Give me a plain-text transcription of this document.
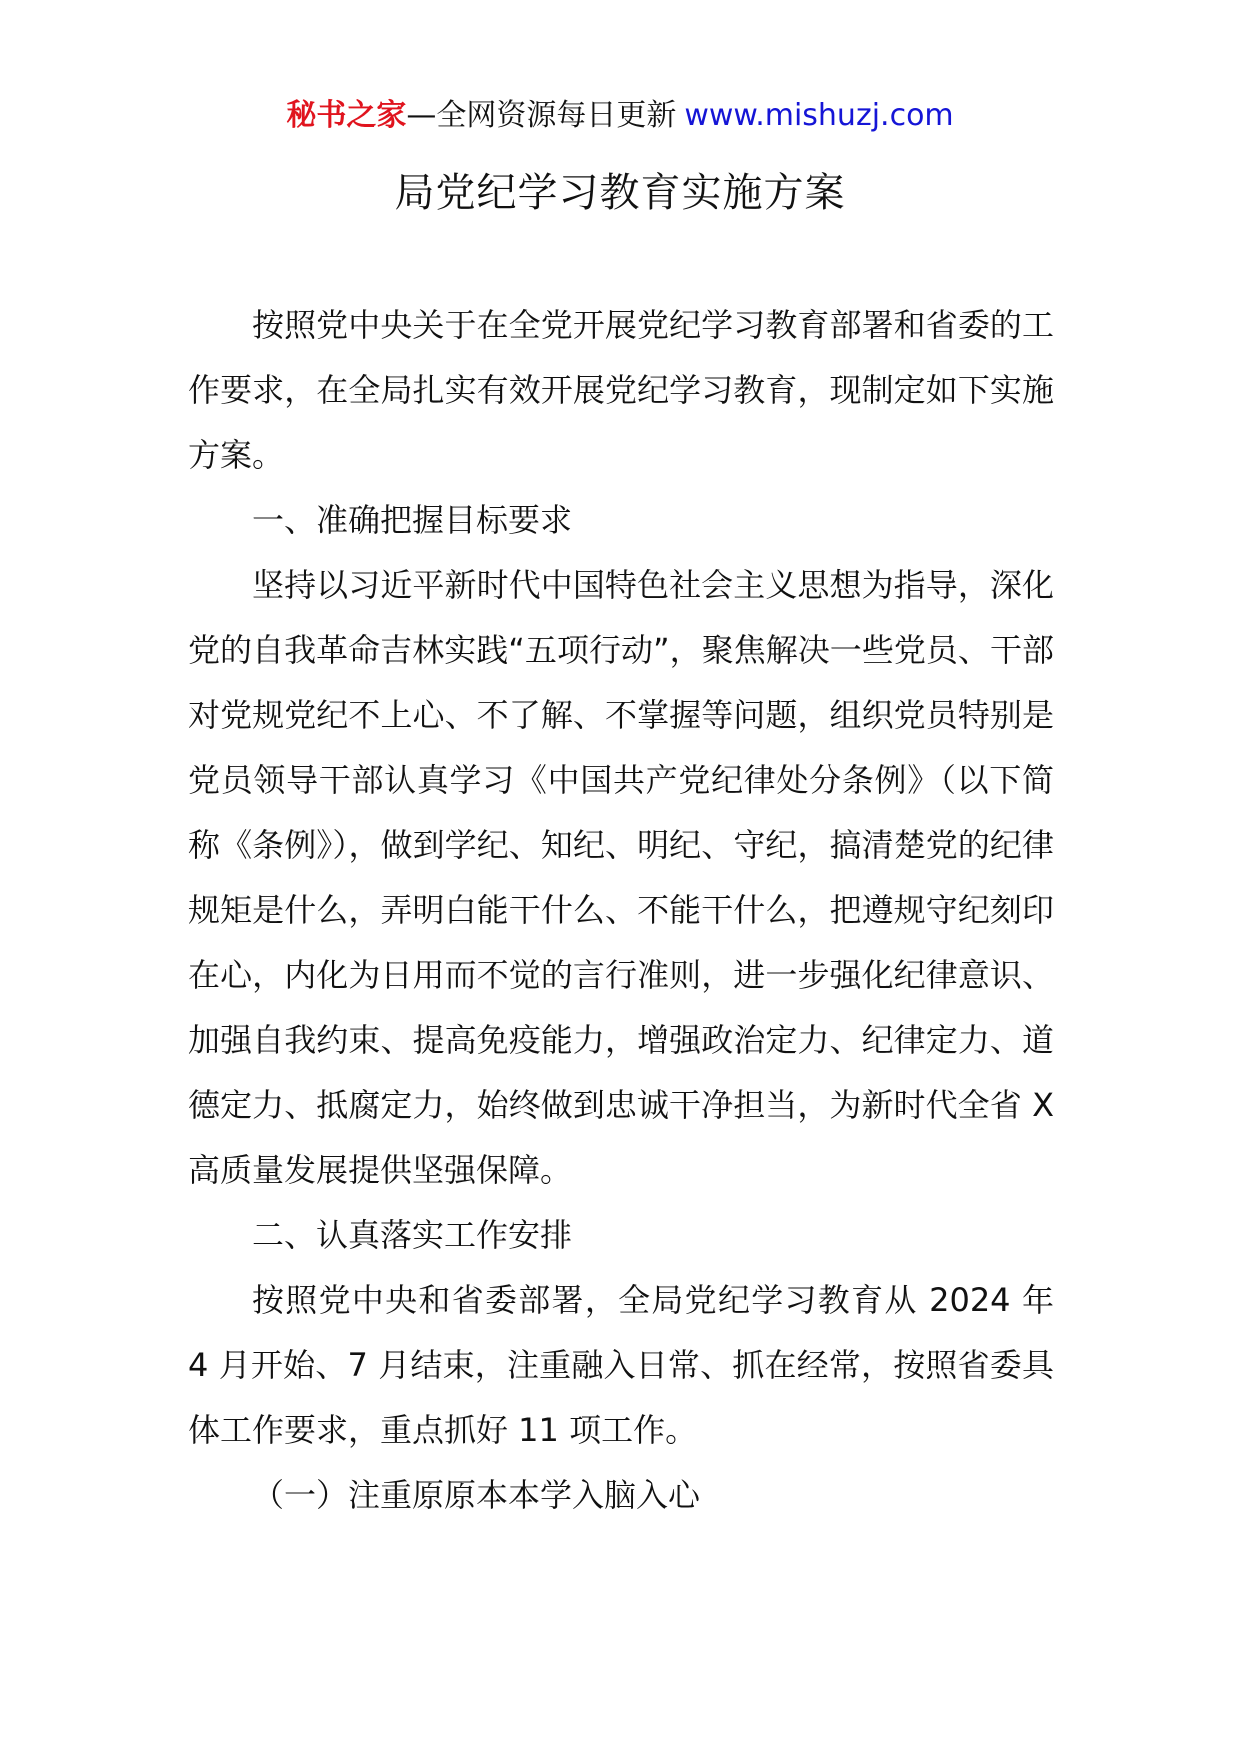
秘书之家—全网资源每日更新 www.mishuzj.com
局党纪学习教育实施方案

按照党中央关于在全党开展党纪学习教育部署和省委的工作要求，在全局扎实有效开展党纪学习教育，现制定如下实施方案。

一、准确把握目标要求

坚持以习近平新时代中国特色社会主义思想为指导，深化党的自我革命吉林实践“五项行动”，聚焦解决一些党员、干部对党规党纪不上心、不了解、不掌握等问题，组织党员特别是党员领导干部认真学习《中国共产党纪律处分条例》（以下简称《条例》），做到学纪、知纪、明纪、守纪，搞清楚党的纪律规矩是什么，弄明白能干什么、不能干什么，把遵规守纪刻印在心，内化为日用而不觉的言行准则，进一步强化纪律意识、加强自我约束、提高免疫能力，增强政治定力、纪律定力、道德定力、抵腐定力，始终做到忠诚干净担当，为新时代全省 X 高质量发展提供坚强保障。

二、认真落实工作安排

按照党中央和省委部署，全局党纪学习教育从 2024 年 4 月开始、7 月结束，注重融入日常、抓在经常，按照省委具体工作要求，重点抓好 11 项工作。

（一）注重原原本本学入脑入心
